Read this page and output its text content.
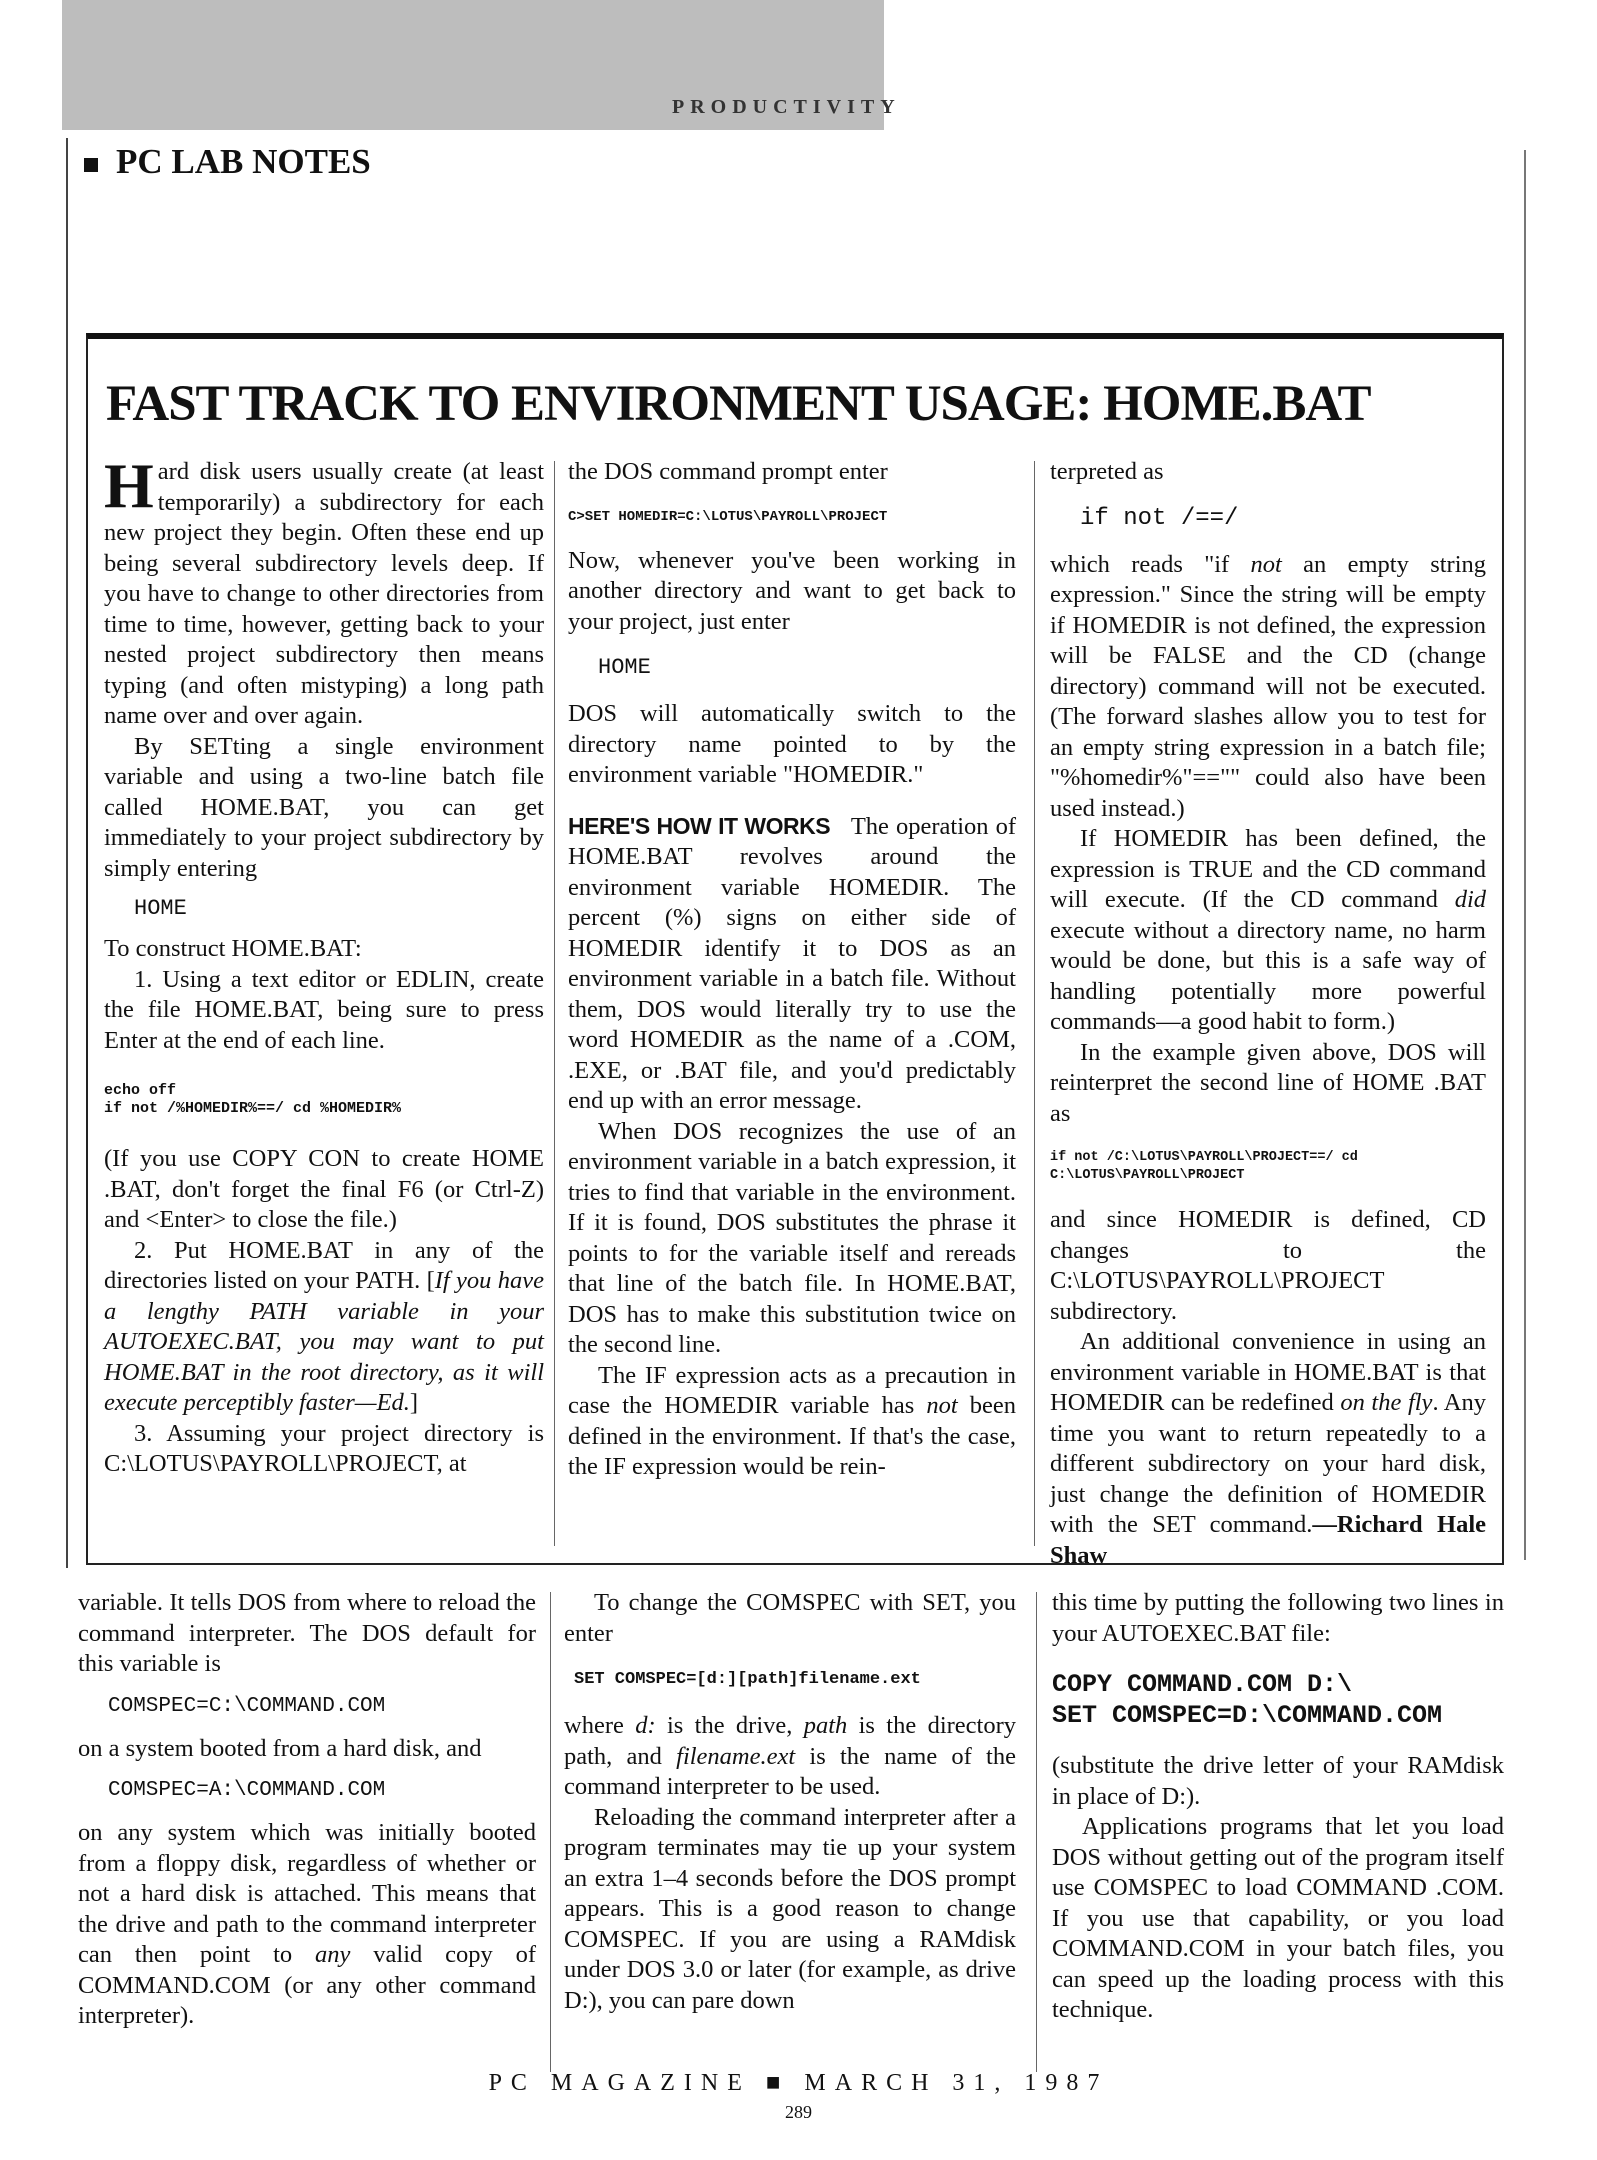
PRODUCTIVITY
PC LAB NOTES
FAST TRACK TO ENVIRONMENT USAGE: HOME.BAT

Hard disk users usually create (at least temporarily) a subdirectory for each new project they begin. Often these end up being several subdirectory levels deep. If you have to change to other directories from time to time, however, getting back to your nested project subdirectory then means typing (and often mistyping) a long path name over and over again.

By SETting a single environment variable and using a two-line batch file called HOME.BAT, you can get immediately to your project subdirectory by simply entering

HOME

To construct HOME.BAT:

1. Using a text editor or EDLIN, create the file HOME.BAT, being sure to press Enter at the end of each line.

echo off
if not /%HOMEDIR%==/ cd %HOMEDIR%

(If you use COPY CON to create HOME .BAT, don't forget the final F6 (or Ctrl-Z) and <Enter> to close the file.)

2. Put HOME.BAT in any of the directories listed on your PATH. [If you have a lengthy PATH variable in your AUTOEXEC.BAT, you may want to put HOME.BAT in the root directory, as it will execute perceptibly faster—Ed.]

3. Assuming your project directory is C:\LOTUS\PAYROLL\PROJECT, at

the DOS command prompt enter

C>SET HOMEDIR=C:\LOTUS\PAYROLL\PROJECT

Now, whenever you've been working in another directory and want to get back to your project, just enter

HOME

DOS will automatically switch to the directory name pointed to by the environment variable "HOMEDIR."

HERE'S HOW IT WORKS The operation of HOME.BAT revolves around the environment variable HOMEDIR. The percent (%) signs on either side of HOMEDIR identify it to DOS as an environment variable in a batch file. Without them, DOS would literally try to use the word HOMEDIR as the name of a .COM, .EXE, or .BAT file, and you'd predictably end up with an error message.

When DOS recognizes the use of an environment variable in a batch expression, it tries to find that variable in the environment. If it is found, DOS substitutes the phrase it points to for the variable itself and rereads that line of the batch file. In HOME.BAT, DOS has to make this substitution twice on the second line.

The IF expression acts as a precaution in case the HOMEDIR variable has not been defined in the environment. If that's the case, the IF expression would be rein-

terpreted as

if not /==/

which reads "if not an empty string expression." Since the string will be empty if HOMEDIR is not defined, the expression will be FALSE and the CD (change directory) command will not be executed. (The forward slashes allow you to test for an empty string expression in a batch file; "%homedir%"=="" could also have been used instead.)

If HOMEDIR has been defined, the expression is TRUE and the CD command will execute. (If the CD command did execute without a directory name, no harm would be done, but this is a safe way of handling potentially more powerful commands—a good habit to form.)

In the example given above, DOS will reinterpret the second line of HOME .BAT as

if not /C:\LOTUS\PAYROLL\PROJECT==/ cd
C:\LOTUS\PAYROLL\PROJECT

and since HOMEDIR is defined, CD changes to the C:\LOTUS\PAYROLL\PROJECT subdirectory.

An additional convenience in using an environment variable in HOME.BAT is that HOMEDIR can be redefined on the fly. Any time you want to return repeatedly to a different subdirectory on your hard disk, just change the definition of HOMEDIR with the SET command.—Richard Hale Shaw

variable. It tells DOS from where to reload the command interpreter. The DOS default for this variable is

COMSPEC=C:\COMMAND.COM

on a system booted from a hard disk, and

COMSPEC=A:\COMMAND.COM

on any system which was initially booted from a floppy disk, regardless of whether or not a hard disk is attached. This means that the drive and path to the command interpreter can then point to any valid copy of COMMAND.COM (or any other command interpreter).

To change the COMSPEC with SET, you enter

SET COMSPEC=[d:][path]filename.ext

where d: is the drive, path is the directory path, and filename.ext is the name of the command interpreter to be used.

Reloading the command interpreter after a program terminates may tie up your system an extra 1–4 seconds before the DOS prompt appears. This is a good reason to change COMSPEC. If you are using a RAMdisk under DOS 3.0 or later (for example, as drive D:), you can pare down

this time by putting the following two lines in your AUTOEXEC.BAT file:

COPY COMMAND.COM D:\
SET COMSPEC=D:\COMMAND.COM

(substitute the drive letter of your RAMdisk in place of D:).

Applications programs that let you load DOS without getting out of the program itself use COMSPEC to load COMMAND .COM. If you use that capability, or you load COMMAND.COM in your batch files, you can speed up the loading process with this technique.

PC MAGAZINE ■ MARCH 31, 1987
289
